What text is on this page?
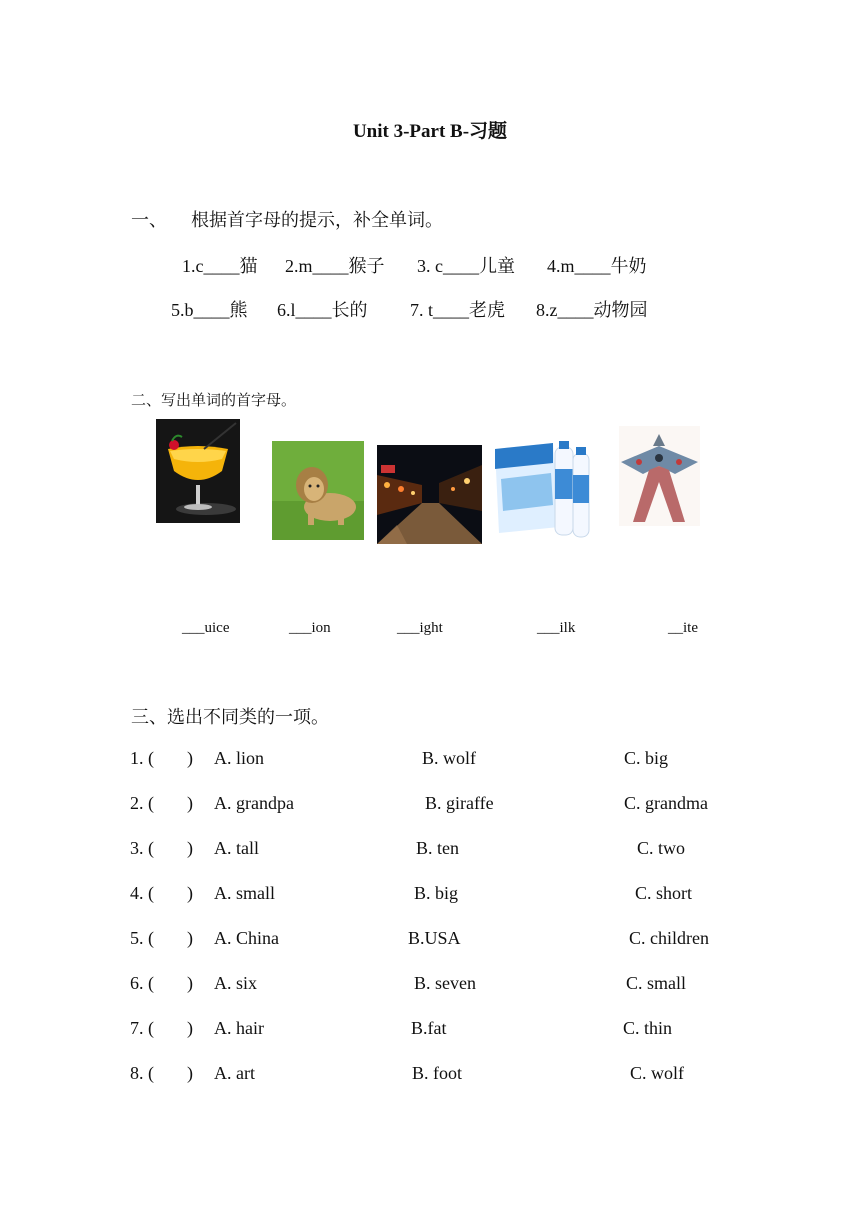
Unit 3-Part B-习题
一、 根据首字母的提示，补全单词。
1.c____猫 2.m____猴子 3. c____儿童 4.m____牛奶
5.b____熊 6.l____长的 7. t____老虎 8.z____动物园
二、写出单词的首字母。
___uice	___ion	___ight	___ilk	__ite
三、选出不同类的一项。
1. ( ) A. lion	B. wolf	C. big
2. ( ) A. grandpa	B. giraffe	C. grandma
3. ( ) A. tall	B. ten	C. two
4. ( ) A. small	B. big	C. short
5. ( ) A. China	B.USA	C. children
6. ( ) A. six	B. seven	C. small
7. ( ) A. hair	B.fat	C. thin
8. ( ) A. art	B. foot	C. wolf
